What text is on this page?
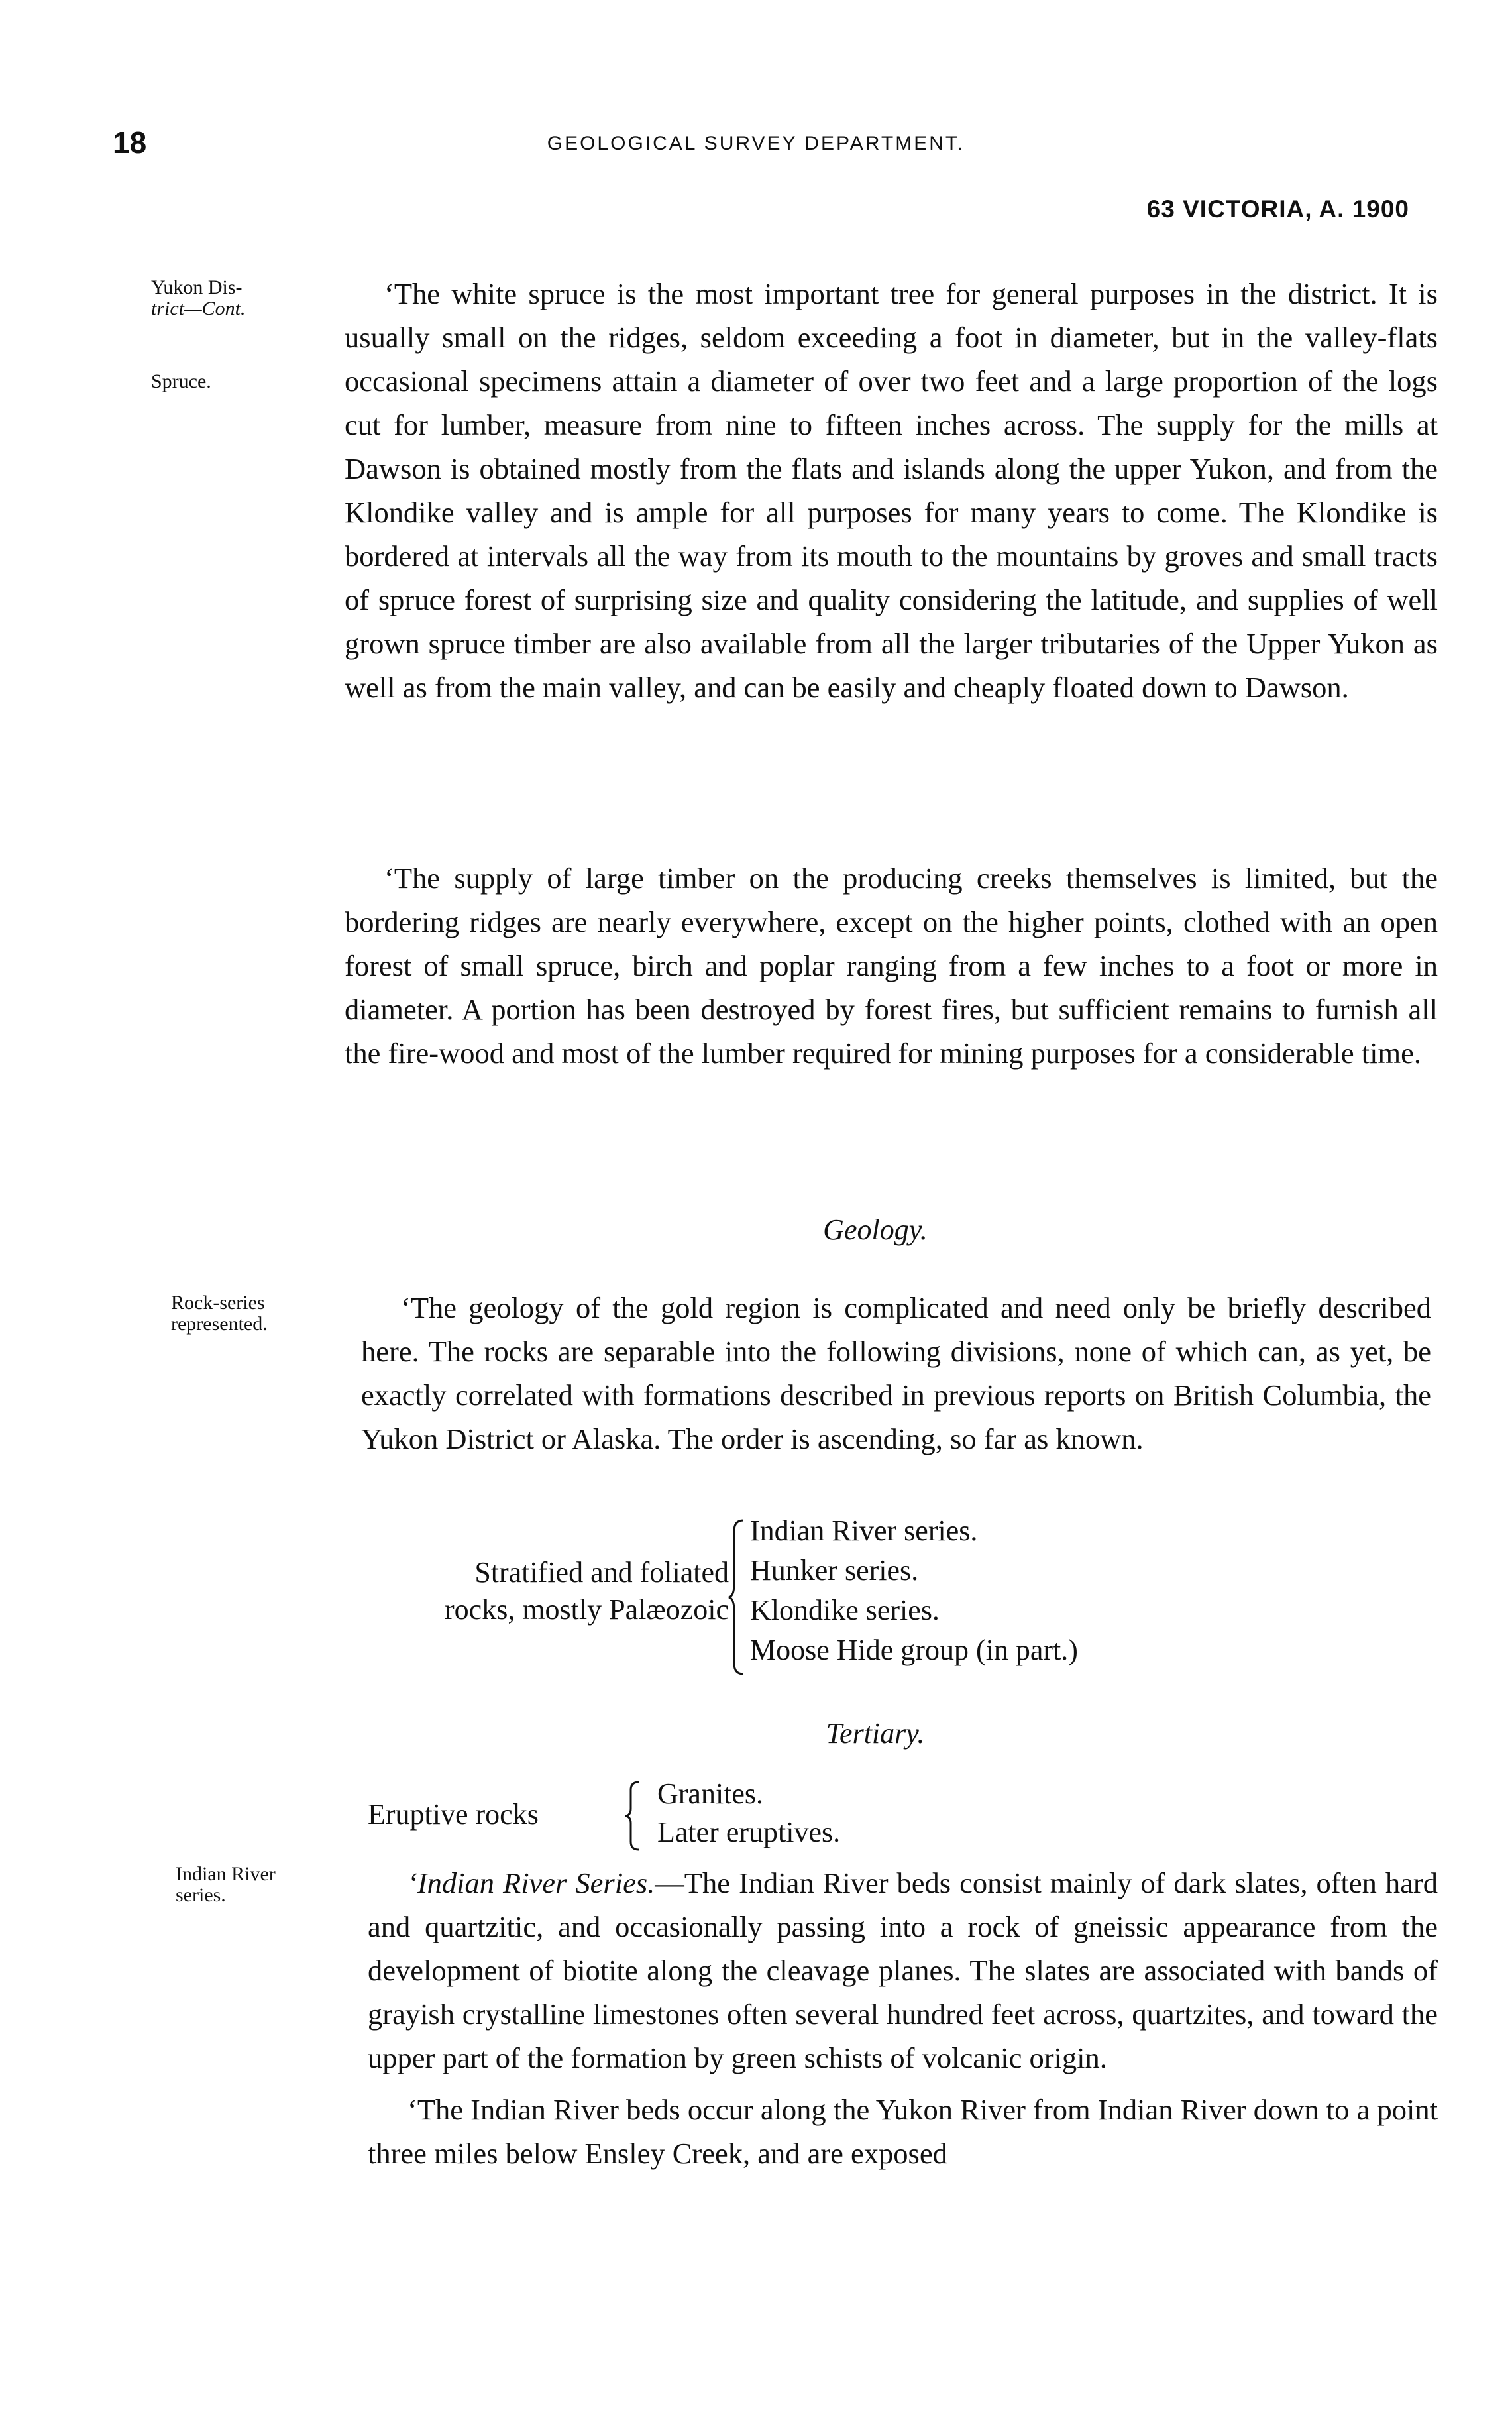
18	GEOLOGICAL SURVEY DEPARTMENT.
63 VICTORIA, A. 1900
Yukon Dis-
trict—Cont.
Spruce.
Rock-series
represented.
Indian River
series.

‘The white spruce is the most important tree for general purposes in the district. It is usually small on the ridges, seldom exceeding a foot in diameter, but in the valley-flats occasional specimens attain a diameter of over two feet and a large proportion of the logs cut for lumber, measure from nine to fifteen inches across. The supply for the mills at Dawson is obtained mostly from the flats and islands along the upper Yukon, and from the Klondike valley and is ample for all purposes for many years to come. The Klondike is bordered at intervals all the way from its mouth to the mountains by groves and small tracts of spruce forest of surprising size and quality considering the latitude, and supplies of well grown spruce timber are also available from all the larger tributaries of the Upper Yukon as well as from the main valley, and can be easily and cheaply floated down to Dawson.

‘The supply of large timber on the producing creeks themselves is limited, but the bordering ridges are nearly everywhere, except on the higher points, clothed with an open forest of small spruce, birch and poplar ranging from a few inches to a foot or more in diameter. A portion has been destroyed by forest fires, but sufficient remains to furnish all the fire-wood and most of the lumber required for mining purposes for a considerable time.

Geology.

‘The geology of the gold region is complicated and need only be briefly described here. The rocks are separable into the following divisions, none of which can, as yet, be exactly correlated with formations described in previous reports on British Columbia, the Yukon District or Alaska. The order is ascending, so far as known.

Stratified and foliated
rocks, mostly Palæozoic
Indian River series.
Hunker series.
Klondike series.
Moose Hide group (in part.)
Tertiary.
Eruptive rocks
Granites.
Later eruptives.

‘Indian River Series.—The Indian River beds consist mainly of dark slates, often hard and quartzitic, and occasionally passing into a rock of gneissic appearance from the development of biotite along the cleavage planes. The slates are associated with bands of grayish crystalline limestones often several hundred feet across, quartzites, and toward the upper part of the formation by green schists of volcanic origin.

‘The Indian River beds occur along the Yukon River from Indian River down to a point three miles below Ensley Creek, and are exposed
